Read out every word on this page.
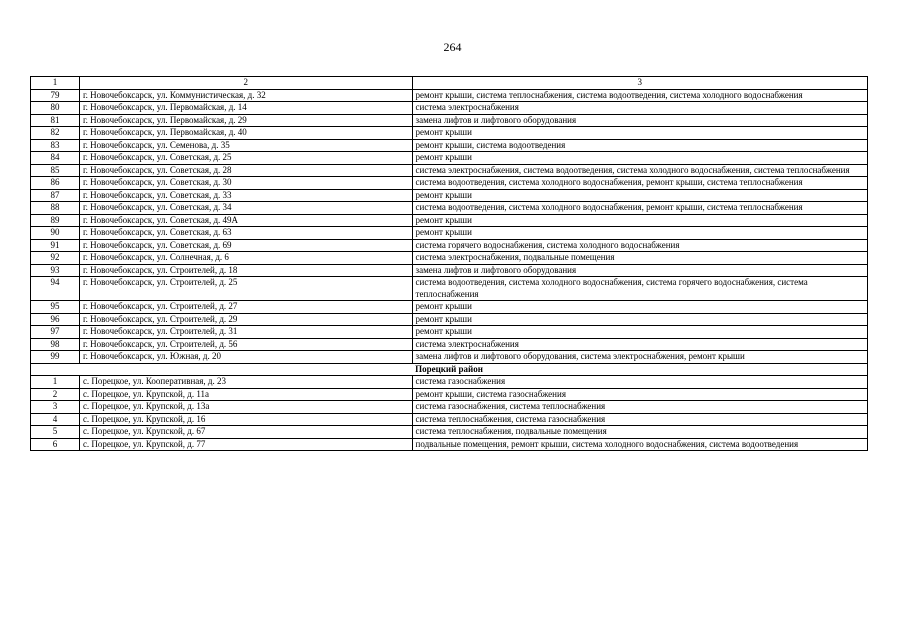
264
1	2	3
79	г. Новочебоксарск, ул. Коммунистическая, д. 32	ремонт крыши, система теплоснабжения, система водоотведения, система холодного водоснабжения
80	г. Новочебоксарск, ул. Первомайская, д. 14	система электроснабжения
81	г. Новочебоксарск, ул. Первомайская, д. 29	замена лифтов и лифтового оборудования
82	г. Новочебоксарск, ул. Первомайская, д. 40	ремонт крыши
83	г. Новочебоксарск, ул. Семенова, д. 35	ремонт крыши, система водоотведения
84	г. Новочебоксарск, ул. Советская, д. 25	ремонт крыши
85	г. Новочебоксарск, ул. Советская, д. 28	система электроснабжения, система водоотведения, система холодного водоснабжения, система теплоснабжения
86	г. Новочебоксарск, ул. Советская, д. 30	система водоотведения, система холодного водоснабжения, ремонт крыши, система теплоснабжения
87	г. Новочебоксарск, ул. Советская, д. 33	ремонт крыши
88	г. Новочебоксарск, ул. Советская, д. 34	система водоотведения, система холодного водоснабжения, ремонт крыши, система теплоснабжения
89	г. Новочебоксарск, ул. Советская, д. 49А	ремонт крыши
90	г. Новочебоксарск, ул. Советская, д. 63	ремонт крыши
91	г. Новочебоксарск, ул. Советская, д. 69	система горячего водоснабжения, система холодного водоснабжения
92	г. Новочебоксарск, ул. Солнечная, д. 6	система электроснабжения, подвальные помещения
93	г. Новочебоксарск, ул. Строителей, д. 18	замена лифтов и лифтового оборудования
94	г. Новочебоксарск, ул. Строителей, д. 25	система водоотведения, система холодного водоснабжения, система горячего водоснабжения, система теплоснабжения
95	г. Новочебоксарск, ул. Строителей, д. 27	ремонт крыши
96	г. Новочебоксарск, ул. Строителей, д. 29	ремонт крыши
97	г. Новочебоксарск, ул. Строителей, д. 31	ремонт крыши
98	г. Новочебоксарск, ул. Строителей, д. 56	система электроснабжения
99	г. Новочебоксарск, ул. Южная, д. 20	замена лифтов и лифтового оборудования, система электроснабжения, ремонт крыши
Порецкий район		
1	с. Порецкое, ул. Кооперативная, д. 23	система газоснабжения
2	с. Порецкое, ул. Крупской, д. 11а	ремонт крыши, система газоснабжения
3	с. Порецкое, ул. Крупской, д. 13а	система газоснабжения, система теплоснабжения
4	с. Порецкое, ул. Крупской, д. 16	система теплоснабжения, система газоснабжения
5	с. Порецкое, ул. Крупской, д. 67	система теплоснабжения, подвальные помещения
6	с. Порецкое, ул. Крупской, д. 77	подвальные помещения, ремонт крыши, система холодного водоснабжения, система водоотведения
